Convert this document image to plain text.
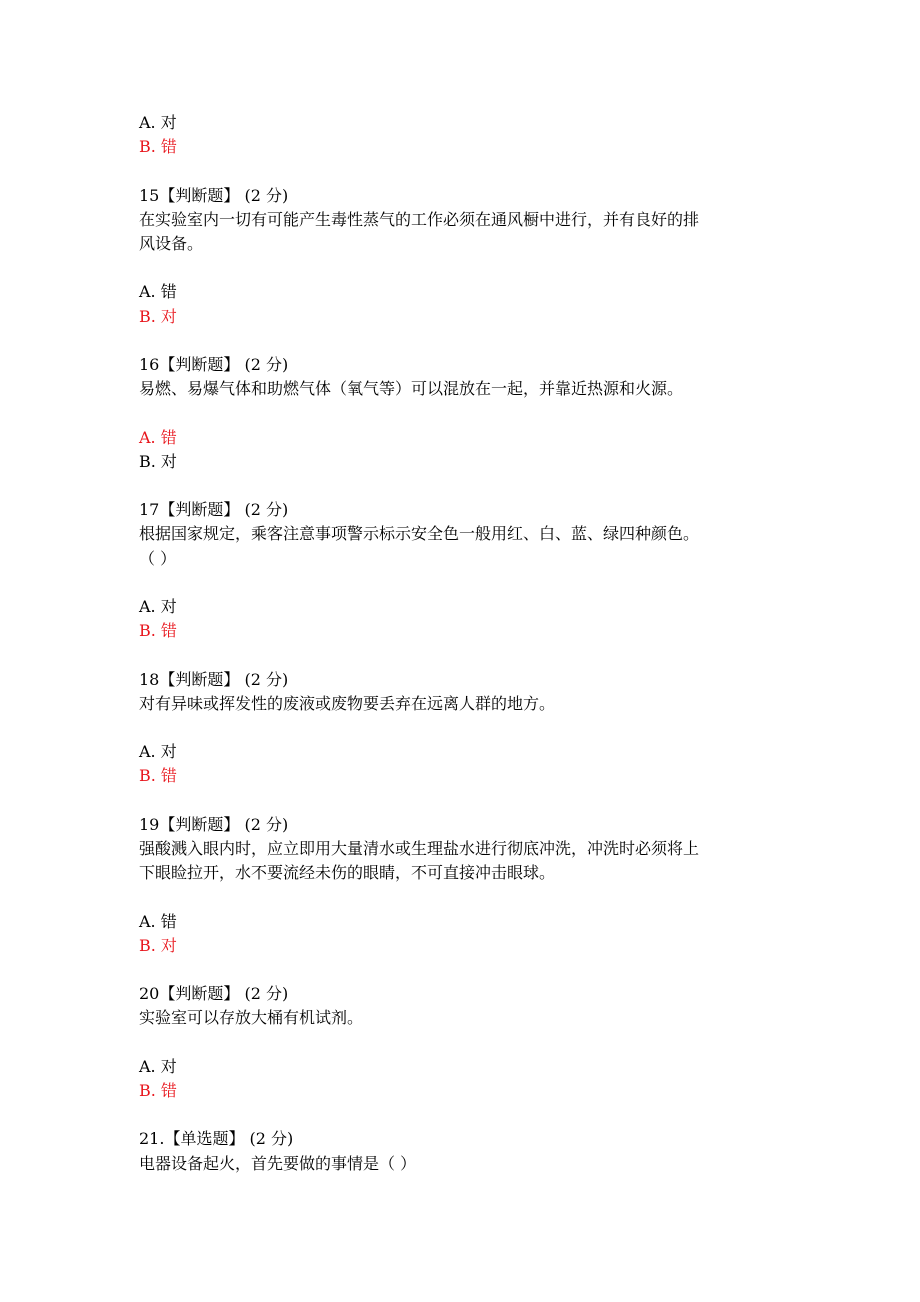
A. 对

B. 错

15【判断题】 (2 分)

在实验室内一切有可能产生毒性蒸气的工作必须在通风橱中进行，并有良好的排

风设备。

A. 错

B. 对

16【判断题】 (2 分)

易燃、易爆气体和助燃气体（氧气等）可以混放在一起，并靠近热源和火源。

A. 错

B. 对

17【判断题】 (2 分)

根据国家规定，乘客注意事项警示标示安全色一般用红、白、蓝、绿四种颜色。

（ ）

A. 对

B. 错

18【判断题】 (2 分)

对有异味或挥发性的废液或废物要丢弃在远离人群的地方。

A. 对

B. 错

19【判断题】 (2 分)

强酸溅入眼内时，应立即用大量清水或生理盐水进行彻底冲洗，冲洗时必须将上

下眼睑拉开，水不要流经未伤的眼睛，不可直接冲击眼球。

A. 错

B. 对

20【判断题】 (2 分)

实验室可以存放大桶有机试剂。

A. 对

B. 错

21.【单选题】 (2 分)

电器设备起火，首先要做的事情是（ ）
